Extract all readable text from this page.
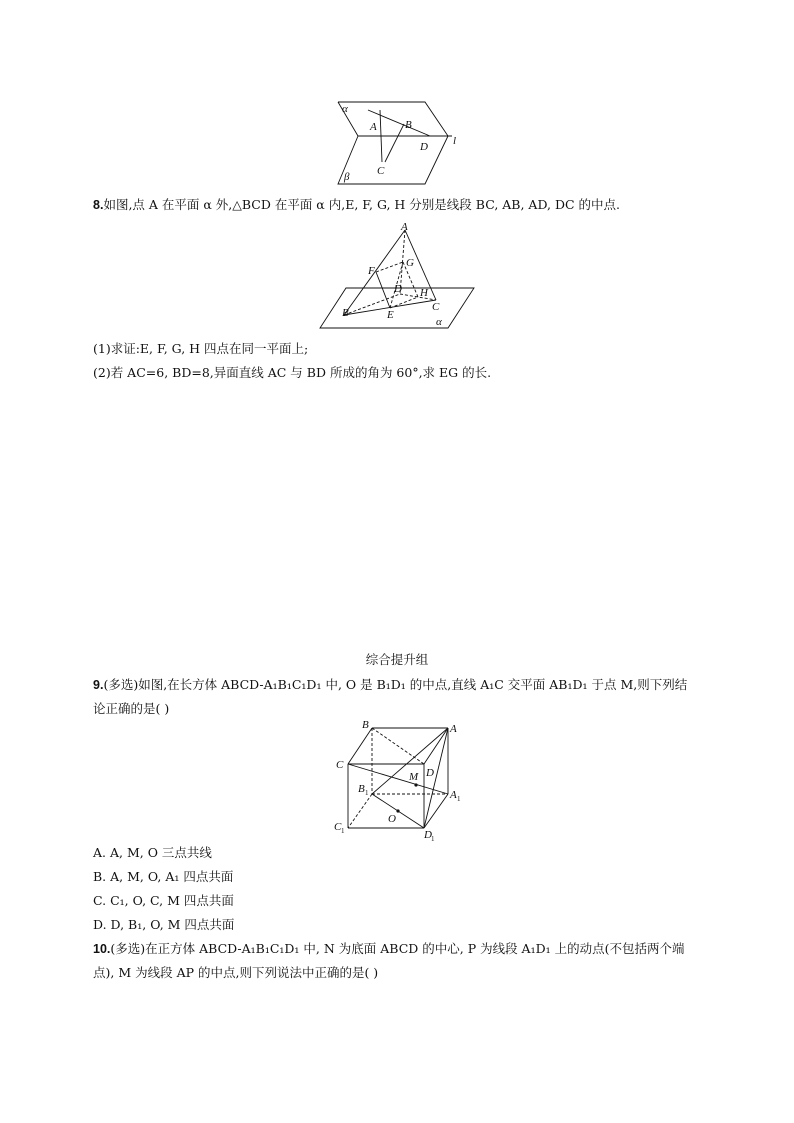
α
A	B
D l
C
β
8.如图,点 A 在平面 α 外,△BCD 在平面 α 内,E, F, G, H 分别是线段 BC, AB, AD, DC 的中点.
A
F
G
D H
C
B	E
α
(1)求证:E, F, G, H 四点在同一平面上;
(2)若 AC=6, BD=8,异面直线 AC 与 BD 所成的角为 60°,求 EG 的长.
综合提升组
9.(多选)如图,在长方体 ABCD-A₁B₁C₁D₁ 中, O 是 B₁D₁ 的中点,直线 A₁C 交平面 AB₁D₁ 于点 M,则下列结
论正确的是( )
B	A
C
D
M
B 1	A 1
O
C 1	D 1
A. A, M, O 三点共线
B. A, M, O, A₁ 四点共面
C. C₁, O, C, M 四点共面
D. D, B₁, O, M 四点共面
10.(多选)在正方体 ABCD-A₁B₁C₁D₁ 中, N 为底面 ABCD 的中心, P 为线段 A₁D₁ 上的动点(不包括两个端
点), M 为线段 AP 的中点,则下列说法中正确的是( )
